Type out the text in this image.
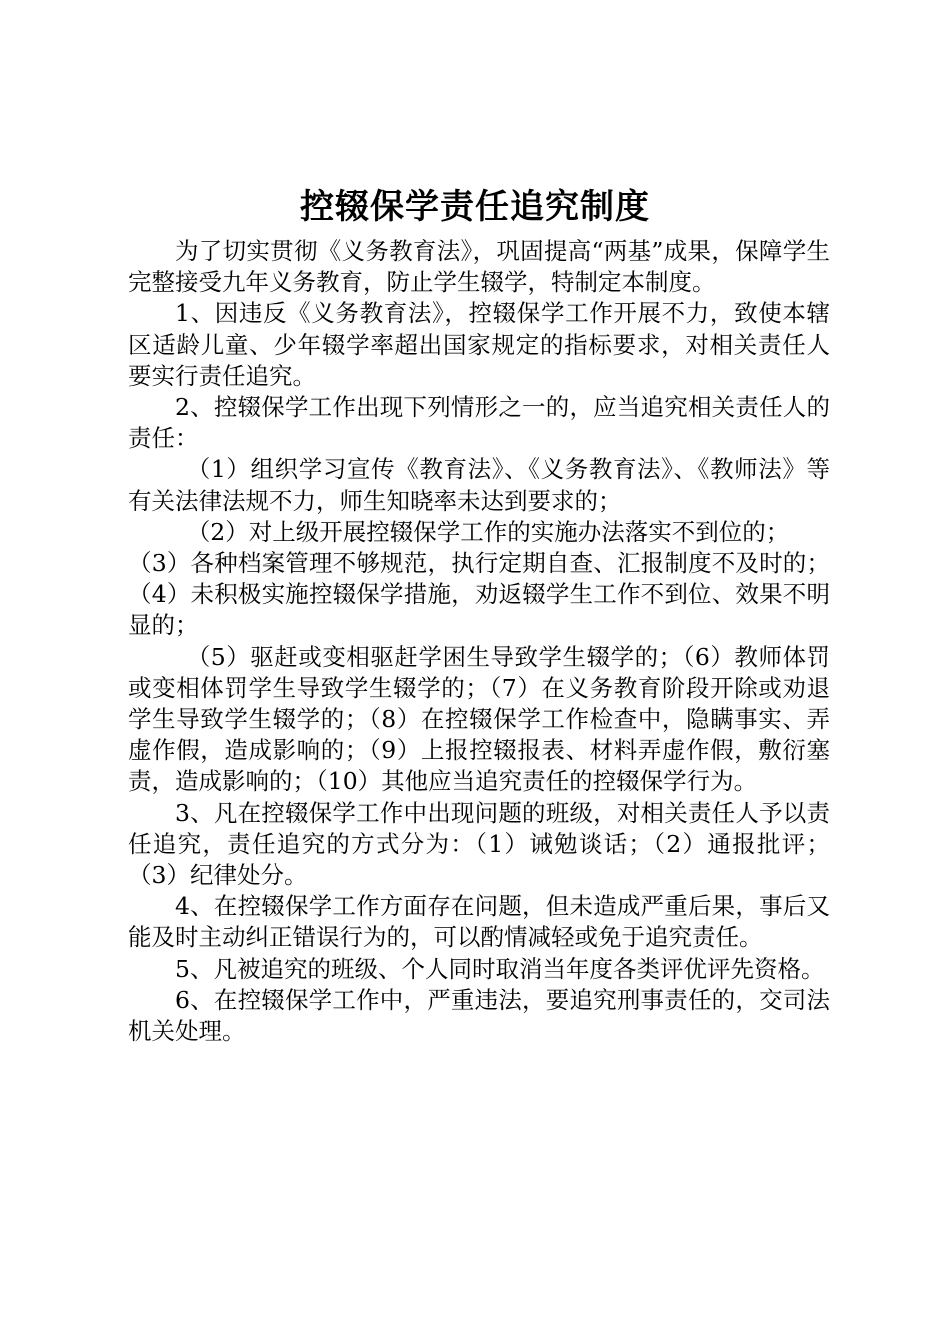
控辍保学责任追究制度

为了切实贯彻《义务教育法》，巩固提高“两基”成果，保障学生完整接受九年义务教育，防止学生辍学，特制定本制度。

1、因违反《义务教育法》，控辍保学工作开展不力，致使本辖区适龄儿童、少年辍学率超出国家规定的指标要求，对相关责任人要实行责任追究。

2、控辍保学工作出现下列情形之一的，应当追究相关责任人的责任：

（1）组织学习宣传《教育法》、《义务教育法》、《教师法》等有关法律法规不力，师生知晓率未达到要求的；

（2）对上级开展控辍保学工作的实施办法落实不到位的；

（3）各种档案管理不够规范，执行定期自查、汇报制度不及时的；（4）未积极实施控辍保学措施，劝返辍学生工作不到位、效果不明显的；

（5）驱赶或变相驱赶学困生导致学生辍学的；（6）教师体罚或变相体罚学生导致学生辍学的；（7）在义务教育阶段开除或劝退学生导致学生辍学的；（8）在控辍保学工作检查中，隐瞒事实、弄虚作假，造成影响的；（9）上报控辍报表、材料弄虚作假，敷衍塞责，造成影响的；（10）其他应当追究责任的控辍保学行为。

3、凡在控辍保学工作中出现问题的班级，对相关责任人予以责任追究，责任追究的方式分为：（1）诫勉谈话；（2）通报批评；（3）纪律处分。

4、在控辍保学工作方面存在问题，但未造成严重后果，事后又能及时主动纠正错误行为的，可以酌情减轻或免于追究责任。

5、凡被追究的班级、个人同时取消当年度各类评优评先资格。

6、在控辍保学工作中，严重违法，要追究刑事责任的，交司法机关处理。
